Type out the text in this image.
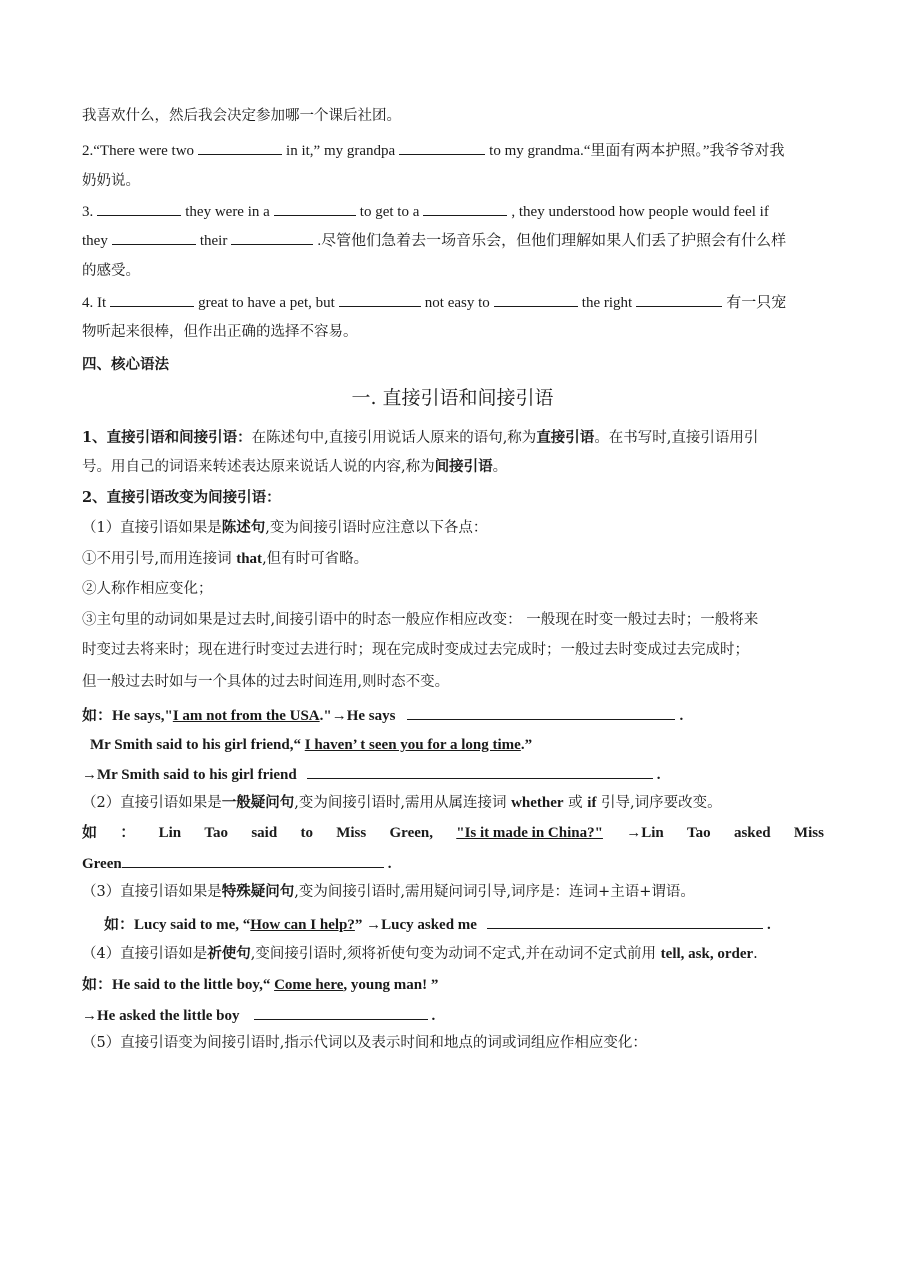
我喜欢什么，然后我会决定参加哪一个课后社团。
2.“There were two	in it,” my grandpa	to my grandma.“里面有两本护照。”我爷爷对我
奶奶说。
3.	they were in a	to get to a	, they understood how people would feel if
they	their	.尽管他们急着去一场音乐会，但他们理解如果人们丢了护照会有什么样
的感受。
4. It	great to have a pet, but	not easy to	the right	有一只宠
物听起来很棒，但作出正确的选择不容易。
四、核心语法
一. 直接引语和间接引语
1、直接引语和间接引语：在陈述句中,直接引用说话人原来的语句,称为直接引语。在书写时,直接引语用引
号。用自己的词语来转述表达原来说话人说的内容,称为间接引语。
2、直接引语改变为间接引语：
（1）直接引语如果是陈述句,变为间接引语时应注意以下各点：
①不用引号,而用连接词 that,但有时可省略。
②人称作相应变化；
③主句里的动词如果是过去时,间接引语中的时态一般应作相应改变： 一般现在时变一般过去时；一般将来
时变过去将来时；现在进行时变过去进行时；现在完成时变成过去完成时；一般过去时变成过去完成时；
但一般过去时如与一个具体的过去时间连用,则时态不变。
如：He says,"I am not from the USA."→He says	.
Mr Smith said to his girl friend,“ I haven’ t seen you for a long time.”
→Mr Smith said to his girl friend	.
（2）直接引语如果是一般疑问句,变为间接引语时,需用从属连接词 whether 或 if 引导,词序要改变。
如 ： Lin Tao said to Miss Green, "Is it made in China?" →Lin Tao asked Miss
Green	.
（3）直接引语如果是特殊疑问句,变为间接引语时,需用疑问词引导,词序是：连词+主语+谓语。
如：Lucy said to me, “How can I help?” →Lucy asked me	.
（4）直接引语如是祈使句,变间接引语时,须将祈使句变为动词不定式,并在动词不定式前用 tell, ask, order.
如：He said to the little boy,“ Come here, young man! ”
→He asked the little boy	.
（5）直接引语变为间接引语时,指示代词以及表示时间和地点的词或词组应作相应变化：
